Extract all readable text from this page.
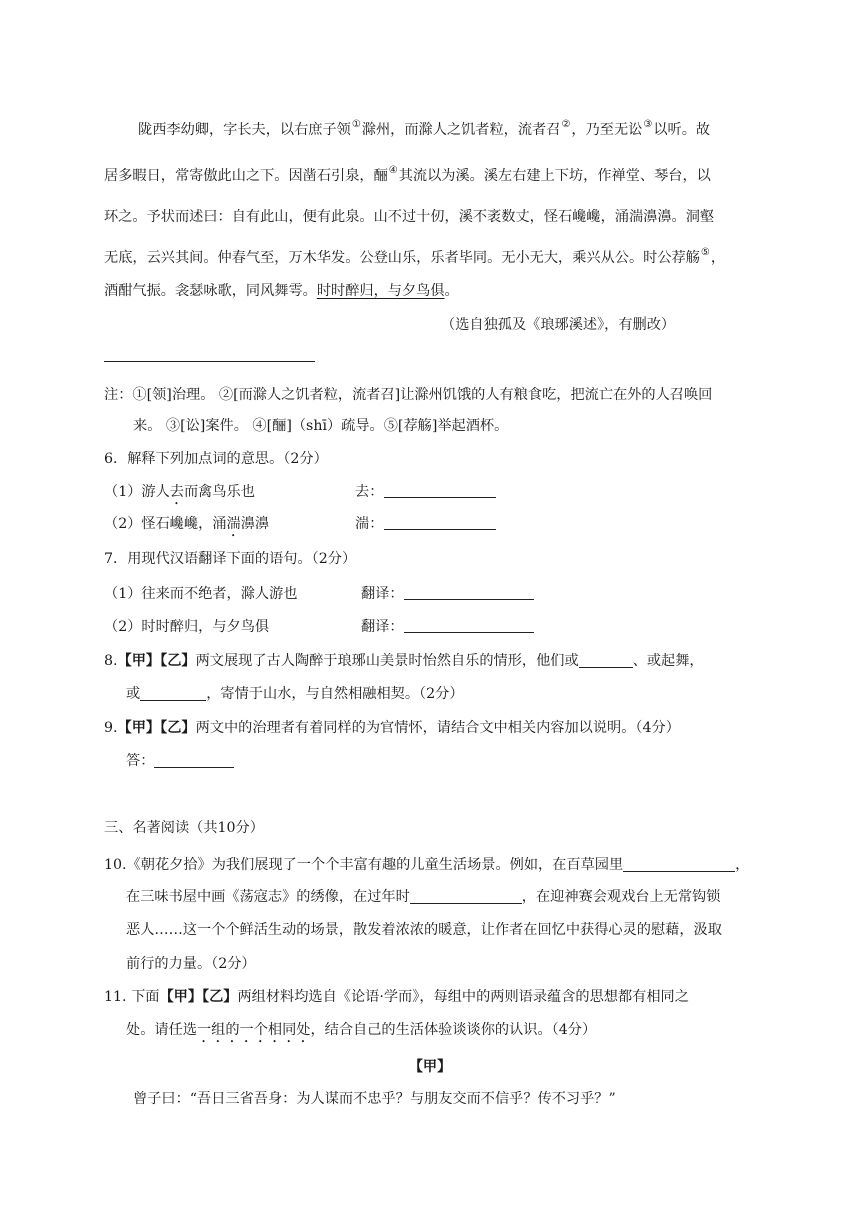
陇西李幼卿，字长夫，以右庶子领①滁州，而滁人之饥者粒，流者召②，乃至无讼③以听。故
居多暇日，常寄傲此山之下。因凿石引泉，酾④其流以为溪。溪左右建上下坊，作禅堂、琴台，以
环之。予状而述曰：自有此山，便有此泉。山不过十仞，溪不袤数丈，怪石巉巉，涌湍濞濞。洞壑
无底，云兴其间。仲春气至，万木华发。公登山乐，乐者毕同。无小无大，乘兴从公。时公荐觞⑤，
酒酣气振。衾瑟咏歌，同风舞雩。时时醉归，与夕鸟俱。
（选自独孤及《琅琊溪述》，有删改）
注：①[领]治理。 ②[而滁人之饥者粒，流者召]让滁州饥饿的人有粮食吃，把流亡在外的人召唤回
来。 ③[讼]案件。 ④[酾]（shī）疏导。⑤[荐觞]举起酒杯。
6．解释下列加点词的意思。（2分）
（1）游人去而禽鸟乐也	去：
（2）怪石巉巉，涌湍濞濞	湍：
7．用现代汉语翻译下面的语句。（2分）
（1）往来而不绝者，滁人游也	翻译：
（2）时时醉归，与夕鸟俱	翻译：
8.【甲】【乙】两文展现了古人陶醉于琅琊山美景时怡然自乐的情形，他们或	、或起舞，
或	，寄情于山水，与自然相融相契。（2分）
9.【甲】【乙】两文中的治理者有着同样的为官情怀，请结合文中相关内容加以说明。（4分）
答：
三、名著阅读（共10分）
10.《朝花夕拾》为我们展现了一个个丰富有趣的儿童生活场景。例如，在百草园里	，
在三味书屋中画《荡寇志》的绣像，在过年时	，在迎神赛会观戏台上无常钩锁
恶人……这一个个鲜活生动的场景，散发着浓浓的暖意，让作者在回忆中获得心灵的慰藉，汲取
前行的力量。（2分）
11. 下面【甲】【乙】两组材料均选自《论语·学而》，每组中的两则语录蕴含的思想都有相同之
处。请任选一组的一个相同处，结合自己的生活体验谈谈你的认识。（4分）
【甲】
曾子曰：“吾日三省吾身：为人谋而不忠乎？与朋友交而不信乎？传不习乎？”
